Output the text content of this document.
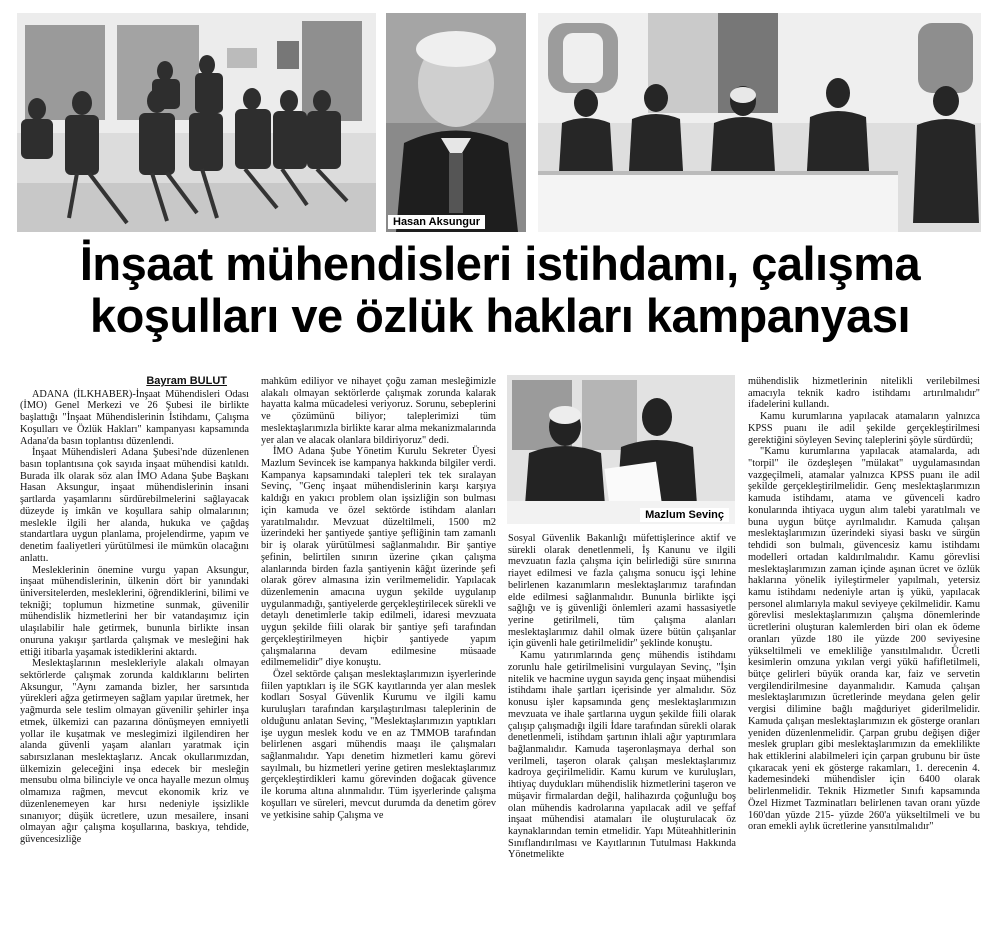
Hasan Aksungur
İnşaat mühendisleri istihdamı, çalışma
koşulları ve özlük hakları kampanyası
Mazlum Sevinç
Bayram BULUT

ADANA (İLKHABER)-İnşaat Mühendisleri Odası (İMO) Genel Merkezi ve 26 Şubesi ile birlikte başlattığı "İnşaat Mühendislerinin İstihdamı, Çalışma Koşulları ve Özlük Hakları" kampanyası kapsamında Adana'da basın toplantısı düzenlendi.

İnşaat Mühendisleri Adana Şubesi'nde düzenlenen basın toplantısına çok sayıda inşaat mühendisi katıldı. Burada ilk olarak söz alan İMO Adana Şube Başkanı Hasan Aksungur, inşaat mühendislerinin insani şartlarda yaşamlarını sürdürebilmelerini sağlayacak düzeyde iş imkân ve koşullara sahip olmalarının; meslekle ilgili her alanda, hukuka ve çağdaş standartlara uygun planlama, projelendirme, yapım ve denetim faaliyetleri yürütülmesi ile mümkün olacağını anlattı.

Mesleklerinin önemine vurgu yapan Aksungur, inşaat mühendislerinin, ülkenin dört bir yanındaki üniversitelerden, mesleklerini, öğrendiklerini, bilimi ve tekniği; toplumun hizmetine sunmak, güvenilir mühendislik hizmetlerini her bir vatandaşımız için ulaşılabilir hale getirmek, bununla birlikte insan onuruna yakışır şartlarda çalışmak ve mesleğini hak ettiği itibarla yaşamak istediklerini aktardı.

Meslektaşlarının meslekleriyle alakalı olmayan sektörlerde çalışmak zorunda kaldıklarını belirten Aksungur, "Aynı zamanda bizler, her sarsıntıda yürekleri ağza getirmeyen sağlam yapılar üretmek, her yağmurda sele teslim olmayan güvenilir şehirler inşa etmek, ülkemizi can pazarına dönüşmeyen emniyetli yollar ile kuşatmak ve meslegimizi ilgilendiren her alanda güvenli yaşam alanları yaratmak için sabırsızlanan meslektaşlarız. Ancak okullarımızdan, ülkemizin geleceğini inşa edecek bir mesleğin mensubu olma bilinciyle ve onca hayalle mezun olmuş olmamıza rağmen, mevcut ekonomik kriz ve düzenlenemeyen kar hırsı nedeniyle işsizlikle sınanıyor; düşük ücretlere, uzun mesailere, insani olmayan ağır çalışma koşullarına, baskıya, tehdide, güvencesizliğe

mahkûm ediliyor ve nihayet çoğu zaman mesleğimizle alakalı olmayan sektörlerde çalışmak zorunda kalarak hayatta kalma mücadelesi veriyoruz. Sorunu, sebeplerini ve çözümünü biliyor; taleplerimizi tüm meslektaşlarımızla birlikte karar alma mekanizmalarında yer alan ve alacak olanlara bildiriyoruz" dedi.

İMO Adana Şube Yönetim Kurulu Sekreter Üyesi Mazlum Sevincek ise kampanya hakkında bilgiler verdi. Kampanya kapsamındaki talepleri tek tek sıralayan Sevinç, "Genç inşaat mühendislerinin karşı karşıya kaldığı en yakıcı problem olan işsizliğin son bulması için kamuda ve özel sektörde istihdam alanları yaratılmalıdır. Mevzuat düzeltilmeli, 1500 m2 üzerindeki her şantiyede şantiye şefliğinin tam zamanlı bir iş olarak yürütülmesi sağlanmalıdır. Bir şantiye şefinin, belirtilen sınırın üzerine çıkan çalışma alanlarında birden fazla şantiyenin kâğıt üzerinde şefi olarak görev almasına izin verilmemelidir. Yapılacak düzenlemenin amacına uygun şekilde uygulanıp uygulanmadığı, şantiyelerde gerçekleştirilecek sürekli ve detaylı denetimlerle takip edilmeli, idaresi mevzuata uygun şekilde fiili olarak bir şantiye şefi tarafından gerçekleştirilmeyen hiçbir şantiyede yapım çalışmalarına devam edilmesine müsaade edilmemelidir" diye konuştu.

Özel sektörde çalışan meslektaşlarımızın işyerlerinde fiilen yaptıkları iş ile SGK kayıtlarında yer alan meslek kodları Sosyal Güvenlik Kurumu ve ilgili kamu kuruluşları tarafından karşılaştırılması taleplerinin de olduğunu anlatan Sevinç, "Meslektaşlarımızın yaptıkları işe uygun meslek kodu ve en az TMMOB tarafından belirlenen asgari mühendis maaşı ile çalışmaları sağlanmalıdır. Yapı denetim hizmetleri kamu görevi sayılmalı, bu hizmetleri yerine getiren meslektaşlarımız gerçekleştirdikleri kamu görevinden doğacak güvence ile koruma altına alınmalıdır. Tüm işyerlerinde çalışma koşulları ve süreleri, mevcut durumda da denetim görev ve yetkisine sahip Çalışma ve

Sosyal Güvenlik Bakanlığı müfettişlerince aktif ve sürekli olarak denetlenmeli, İş Kanunu ve ilgili mevzuatın fazla çalışma için belirlediği süre sınırına riayet edilmesi ve fazla çalışma sonucu işçi lehine belirlenen kazanımların meslektaşlarımız tarafından elde edilmesi sağlanmalıdır. Bununla birlikte işçi sağlığı ve iş güvenliği önlemleri azami hassasiyetle yerine getirilmeli, tüm çalışma alanları meslektaşlarımız dahil olmak üzere bütün çalışanlar için güvenli hale getirilmelidir" şeklinde konuştu.

Kamu yatırımlarında genç mühendis istihdamı zorunlu hale getirilmelisini vurgulayan Sevinç, "İşin nitelik ve hacmine uygun sayıda genç inşaat mühendisi istihdamı ihale şartları içerisinde yer almalıdır. Söz konusu işler kapsamında genç meslektaşlarımızın mevzuata ve ihale şartlarına uygun şekilde fiili olarak çalışıp çalışmadığı ilgili İdare tarafından sürekli olarak denetlenmeli, istihdam şartının ihlali ağır yaptırımlara bağlanmalıdır. Kamuda taşeronlaşmaya derhal son verilmeli, taşeron olarak çalışan meslektaşlarımız kadroya geçirilmelidir. Kamu kurum ve kuruluşları, ihtiyaç duydukları mühendislik hizmetlerini taşeron ve müşavir firmalardan değil, halihazırda çoğunluğu boş olan mühendis kadrolarına yapılacak adil ve şeffaf inşaat mühendisi atamaları ile oluşturulacak öz kaynaklarından temin etmelidir. Yapı Müteahhitlerinin Sınıflandırılması ve Kayıtlarının Tutulması Hakkında Yönetmelikte

mühendislik hizmetlerinin nitelikli verilebilmesi amacıyla teknik kadro istihdamı artırılmalıdır" ifadelerini kullandı.

Kamu kurumlarına yapılacak atamaların yalnızca KPSS puanı ile adil şekilde gerçekleştirilmesi gerektiğini söyleyen Sevinç taleplerini şöyle sürdürdü;

"Kamu kurumlarına yapılacak atamalarda, adı "torpil" ile özdeşleşen "mülakat" uygulamasından vazgeçilmeli, atamalar yalnızca KPSS puanı ile adil şekilde gerçekleştirilmelidir. Genç meslektaşlarımızın kamuda istihdamı, atama ve güvenceli kadro konularında ihtiyaca uygun alım talebi yaratılmalı ve buna uygun bütçe ayrılmalıdır. Kamuda çalışan meslektaşlarımızın üzerindeki siyasi baskı ve sürgün tehdidi son bulmalı, güvencesiz kamu istihdamı modelleri ortadan kaldırılmalıdır. Kamu görevlisi meslektaşlarımızın zaman içinde aşınan ücret ve özlük haklarına yönelik iyileştirmeler yapılmalı, yetersiz kamu istihdamı nedeniyle artan iş yükü, yapılacak personel alımlarıyla makul seviyeye çekilmelidir. Kamu görevlisi meslektaşlarımızın çalışma dönemlerinde ücretlerini oluşturan kalemlerden biri olan ek ödeme oranları yüzde 180 ile yüzde 200 seviyesine yükseltilmeli ve emekliliğe yansıtılmalıdır. Ücretli kesimlerin omzuna yıkılan vergi yükü hafifletilmeli, bütçe gelirleri büyük oranda kar, faiz ve servetin vergilendirilmesine dayanmalıdır. Kamuda çalışan meslektaşlarımızın ücretlerinde meydana gelen gelir vergisi dilimine bağlı mağduriyet giderilmelidir. Kamuda çalışan meslektaşlarımızın ek gösterge oranları yeniden düzenlenmelidir. Çarpan grubu değişen diğer meslek grupları gibi meslektaşlarımızın da emeklilikte hak ettiklerini alabilmeleri için çarpan grubunu bir üste çıkaracak yeni ek gösterge rakamları, 1. derecenin 4. kademesindeki mühendisler için 6400 olarak belirlenmelidir. Teknik Hizmetler Sınıfı kapsamında Özel Hizmet Tazminatları belirlenen tavan oranı yüzde 160'dan yüzde 215- yüzde 260'a yükseltilmeli ve bu oran emekli aylık ücretlerine yansıtılmalıdır"
